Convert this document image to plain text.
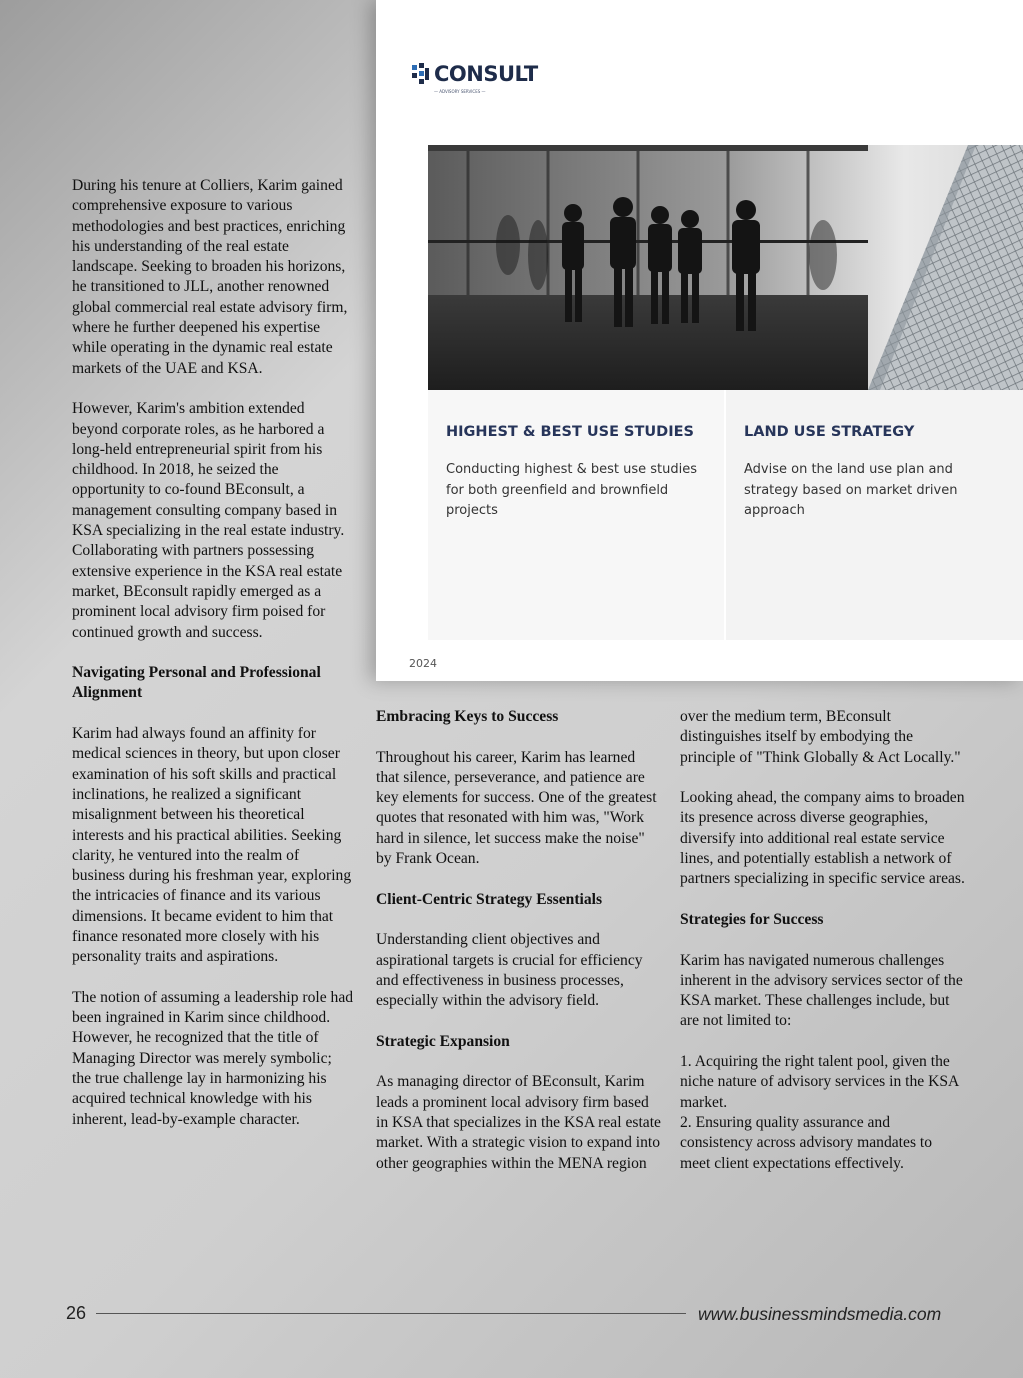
During his tenure at Colliers, Karim gained comprehensive exposure to various methodologies and best practices, enriching his understanding of the real estate landscape. Seeking to broaden his horizons, he transitioned to JLL, another renowned global commercial real estate advisory firm, where he further deepened his expertise while operating in the dynamic real estate markets of the UAE and KSA.

However, Karim's ambition extended beyond corporate roles, as he harbored a long-held entrepreneurial spirit from his childhood. In 2018, he seized the opportunity to co-found BEconsult, a management consulting company based in KSA specializing in the real estate industry. Collaborating with partners possessing extensive experience in the KSA real estate market, BEconsult rapidly emerged as a prominent local advisory firm poised for continued growth and success.

Navigating Personal and Professional Alignment

Karim had always found an affinity for medical sciences in theory, but upon closer examination of his soft skills and practical inclinations, he realized a significant misalignment between his theoretical interests and his practical abilities. Seeking clarity, he ventured into the realm of business during his freshman year, exploring the intricacies of finance and its various dimensions. It became evident to him that finance resonated more closely with his personality traits and aspirations.

The notion of assuming a leadership role had been ingrained in Karim since childhood. However, he recognized that the title of Managing Director was merely symbolic; the true challenge lay in harmonizing his acquired technical knowledge with his inherent, lead-by-example character.

CONSULT
— ADVISORY SERVICES —
HIGHEST & BEST USE STUDIES
Conducting highest & best use studies for both greenfield and brownfield projects
LAND USE STRATEGY
Advise on the land use plan and strategy based on market driven approach
2024
Embracing Keys to Success

Throughout his career, Karim has learned that silence, perseverance, and patience are key elements for success. One of the greatest quotes that resonated with him was, "Work hard in silence, let success make the noise" by Frank Ocean.

Client-Centric Strategy Essentials

Understanding client objectives and aspirational targets is crucial for efficiency and effectiveness in business processes, especially within the advisory field.

Strategic Expansion

As managing director of BEconsult, Karim leads a prominent local advisory firm based in KSA that specializes in the KSA real estate market. With a strategic vision to expand into other geographies within the MENA region

over the medium term, BEconsult distinguishes itself by embodying the principle of "Think Globally & Act Locally."

Looking ahead, the company aims to broaden its presence across diverse geographies, diversify into additional real estate service lines, and potentially establish a network of partners specializing in specific service areas.

Strategies for Success

Karim has navigated numerous challenges inherent in the advisory services sector of the KSA market. These challenges include, but are not limited to:

1. Acquiring the right talent pool, given the niche nature of advisory services in the KSA market.
2. Ensuring quality assurance and consistency across advisory mandates to meet client expectations effectively.
26	www.businessmindsmedia.com
